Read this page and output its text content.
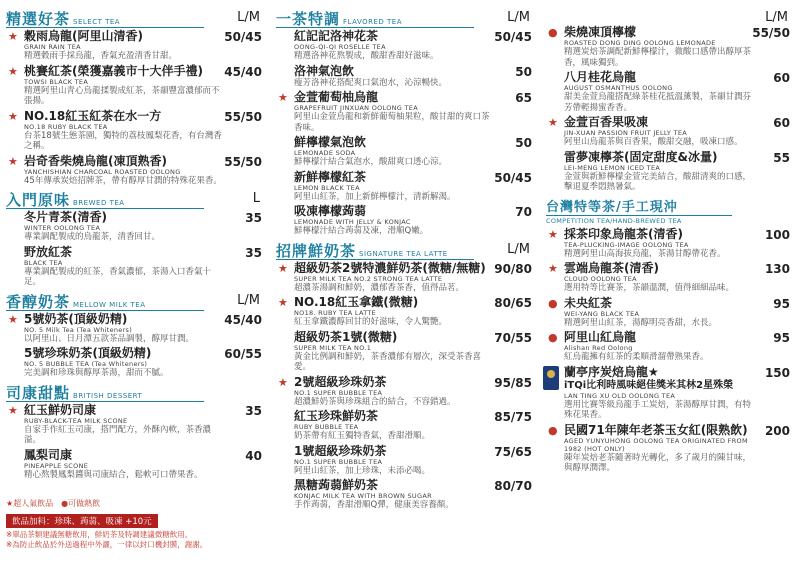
精選好茶 SELECT TEA	L/M
★ 穀雨烏龍(阿里山清香)
GRAIN RAIN TEA
精選穀雨手採烏龍，香氣充盈清香甘甜。
50/45
★ 桃賽紅茶(榮獲嘉義市十大伴手禮)
TOWSI BLACK TEA
精選阿里山青心烏龍揉製成紅茶，茶韻豐富濃郁而不張揚。
45/40
★ NO.18紅玉紅茶在水一方
NO.18 RUBY BLACK TEA
台茶18號生態茶園，獨特的荔枝鳳梨花香，有台灣香之稱。
55/50
★ 岩奇香柴燒烏龍(凍頂熟香)
YANCHISHIAN CHARCOAL ROASTED OOLONG
45年傳承炭焙招牌茶，帶有醇厚甘潤的特殊花果香。
55/50
入門原味 BREWED TEA	L
冬片青茶(清香)
WINTER OOLONG TEA
專業調配製成的烏龍茶，清香回甘。
35
野放紅茶
BLACK TEA
專業調配製成的紅茶，香氣濃郁，茶湯入口香氣十足。
35
香醇奶茶 MELLOW MILK TEA	L/M
★ 5號奶茶(頂級奶精)
NO. 5 Milk Tea (Tea Whiteners)
以阿里山、日月潭五款茶品調製，醇厚甘潤。
45/40
5號珍珠奶茶(頂級奶精)
NO. 5 BUBBLE TEA (Tea Whiteners)
完美調和珍珠與醇厚茶湯，甜而不膩。
60/55
司康甜點 BRITISH DESSERT
★ 紅玉鮮奶司康
RUBY-BLACK-TEA MILK SCONE
自家手作紅玉司康，搭門配方，外酥內軟，茶香濃溢。
35
鳳梨司康
PINEAPPLE SCONE
精心熬製鳳梨醬與司康結合，鬆軟可口帶果香。
40
★超人氣飲品　●可做熱飲
飲品加料：珍珠、蒟蒻、吸凍 +10元
※單品茶類建議無糖飲用，鮮奶茶及特調建議微糖飲用。
※為防止飲品於外送過程中外灑，一律以封口機封膜，謝謝。
一茶特調 FLAVORED TEA	L/M
紅記記洛神花茶
OONG-QI-QI ROSELLE TEA
精選洛神花熬製成，酸甜香甜好滋味。
50/45
洛神氣泡飲
瘦芳洛神花搭配爽口氣泡水，沁涼暢快。
50
★ 金萱葡萄柚烏龍
GRAPEFRUIT JINXUAN OOLONG TEA
阿里山金萱烏龍和新鮮葡萄柚果粒，酸甘甜的爽口茶香味。
65
鮮檸檬氣泡飲
LEMONADE SODA
鮮檸檬汁結合氣泡水，酸甜爽口透心涼。
50
新鮮檸檬紅茶
LEMON BLACK TEA
阿里山紅茶，加上新鮮檸檬汁，清新解渴。
50/45
吸凍檸檬蒟蒻
LEMONADE WITH JELLY & KONJAC
鮮檸檬汁結合蒟蒻及凍，滑順Q嫩。
70
招牌鮮奶茶 SIGNATURE TEA LATTE	L/M
★ 超級奶茶2號特濃鮮奶茶(微糖/無糖)
SUPER MILK TEA NO.2 STRONG TEA LATTE
超濃茶湯調和鮮奶，濃郁香茶香，值得品茗。
90/80
★ NO.18紅玉拿鐵(微糖)
NO18. RUBY TEA LATTE
紅玉拿鐵濃醇回甘的好滋味，令人驚艷。
80/65
超級奶茶1號(微糖)
SUPER MILK TEA NO.1
黃金比例調和鮮奶，茶香濃郁有層次，深受茶香喜愛。
70/55
★ 2號超級珍珠奶茶
NO.1 SUPER BUBBLE TEA
超濃鮮奶茶與珍珠組合的結合，不容錯過。
95/85
紅玉珍珠鮮奶茶
RUBY BUBBLE TEA
奶茶帶有紅玉獨特香氣，香甜滑順。
85/75
1號超級珍珠奶茶
NO.1 SUPER BUBBLE TEA
阿里山紅茶，加上珍珠，未添必喝。
75/65
黑糖蒟蒻鮮奶茶
KONJAC MILK TEA WITH BROWN SUGAR
手作蒟蒻，香甜滑順Q彈，健康美容養顏。
80/70
L/M
● 柴燒凍頂檸檬
ROASTED DONG DING OOLONG LEMONADE
精選炭焙茶調配新鮮檸檬汁，微酸口感帶出醇厚茶香，風味獨到。
55/50
八月桂花烏龍
AUGUST OSMANTHUS OOLONG
甜美金萱烏龍搭配綠茶桂花抵溫薰製，茶韻甘潤芬芳帶輕揚蜜香香。
60
★ 金萱百香果吸凍
JIN-XUAN PASSION FRUIT JELLY TEA
阿里山烏龍茶與百香果，酸甜交融，吸凍口感。
60
雷夢凍檸茶(固定甜度&冰量)
LEI-MENG LEMON ICED TEA
金萱與新鮮檸檬金萱完美結合，酸甜清爽的口感，擊退夏季悶熱暑氣。
55
台灣特等茶/手工現沖
COMPETITION TEA/HAND-BREWED TEA
★ 採茶印象烏龍茶(清香)
TEA-PLUCKING-IMAGE OOLONG TEA
精選阿里山高海拔烏龍，茶湯甘醇帶花香。
100
★ 雲端烏龍茶(清香)
CLOUD OOLONG TEA
選用特等比賽茶，茶韻溫潤，值得細細品味。
130
● 未央紅茶
WEI-YANG BLACK TEA
精選阿里山紅茶，湯醇明亮香甜，水長。
95
● 阿里山紅烏龍
Alishan Red Oolong
紅烏龍擁有紅茶的柔順滑溜帶熟果香。
95
蘭亭序炭焙烏龍★
iTQi比利時風味絕佳獎米其林2星殊榮
LAN TING XU OLD OOLONG TEA
選用比賽等級烏龍手工炭焙，茶湯醇厚甘潤，有特殊花果香。
150
● 民國71年陳年老茶玉女紅(限熟飲)
AGED YUNYUHONG OOLONG TEA ORIGINATED FROM 1982 (HOT ONLY)
陳年炭焙老茶隨著時光轉化，多了歲月的陳甘味，與醇厚潤澤。
200
